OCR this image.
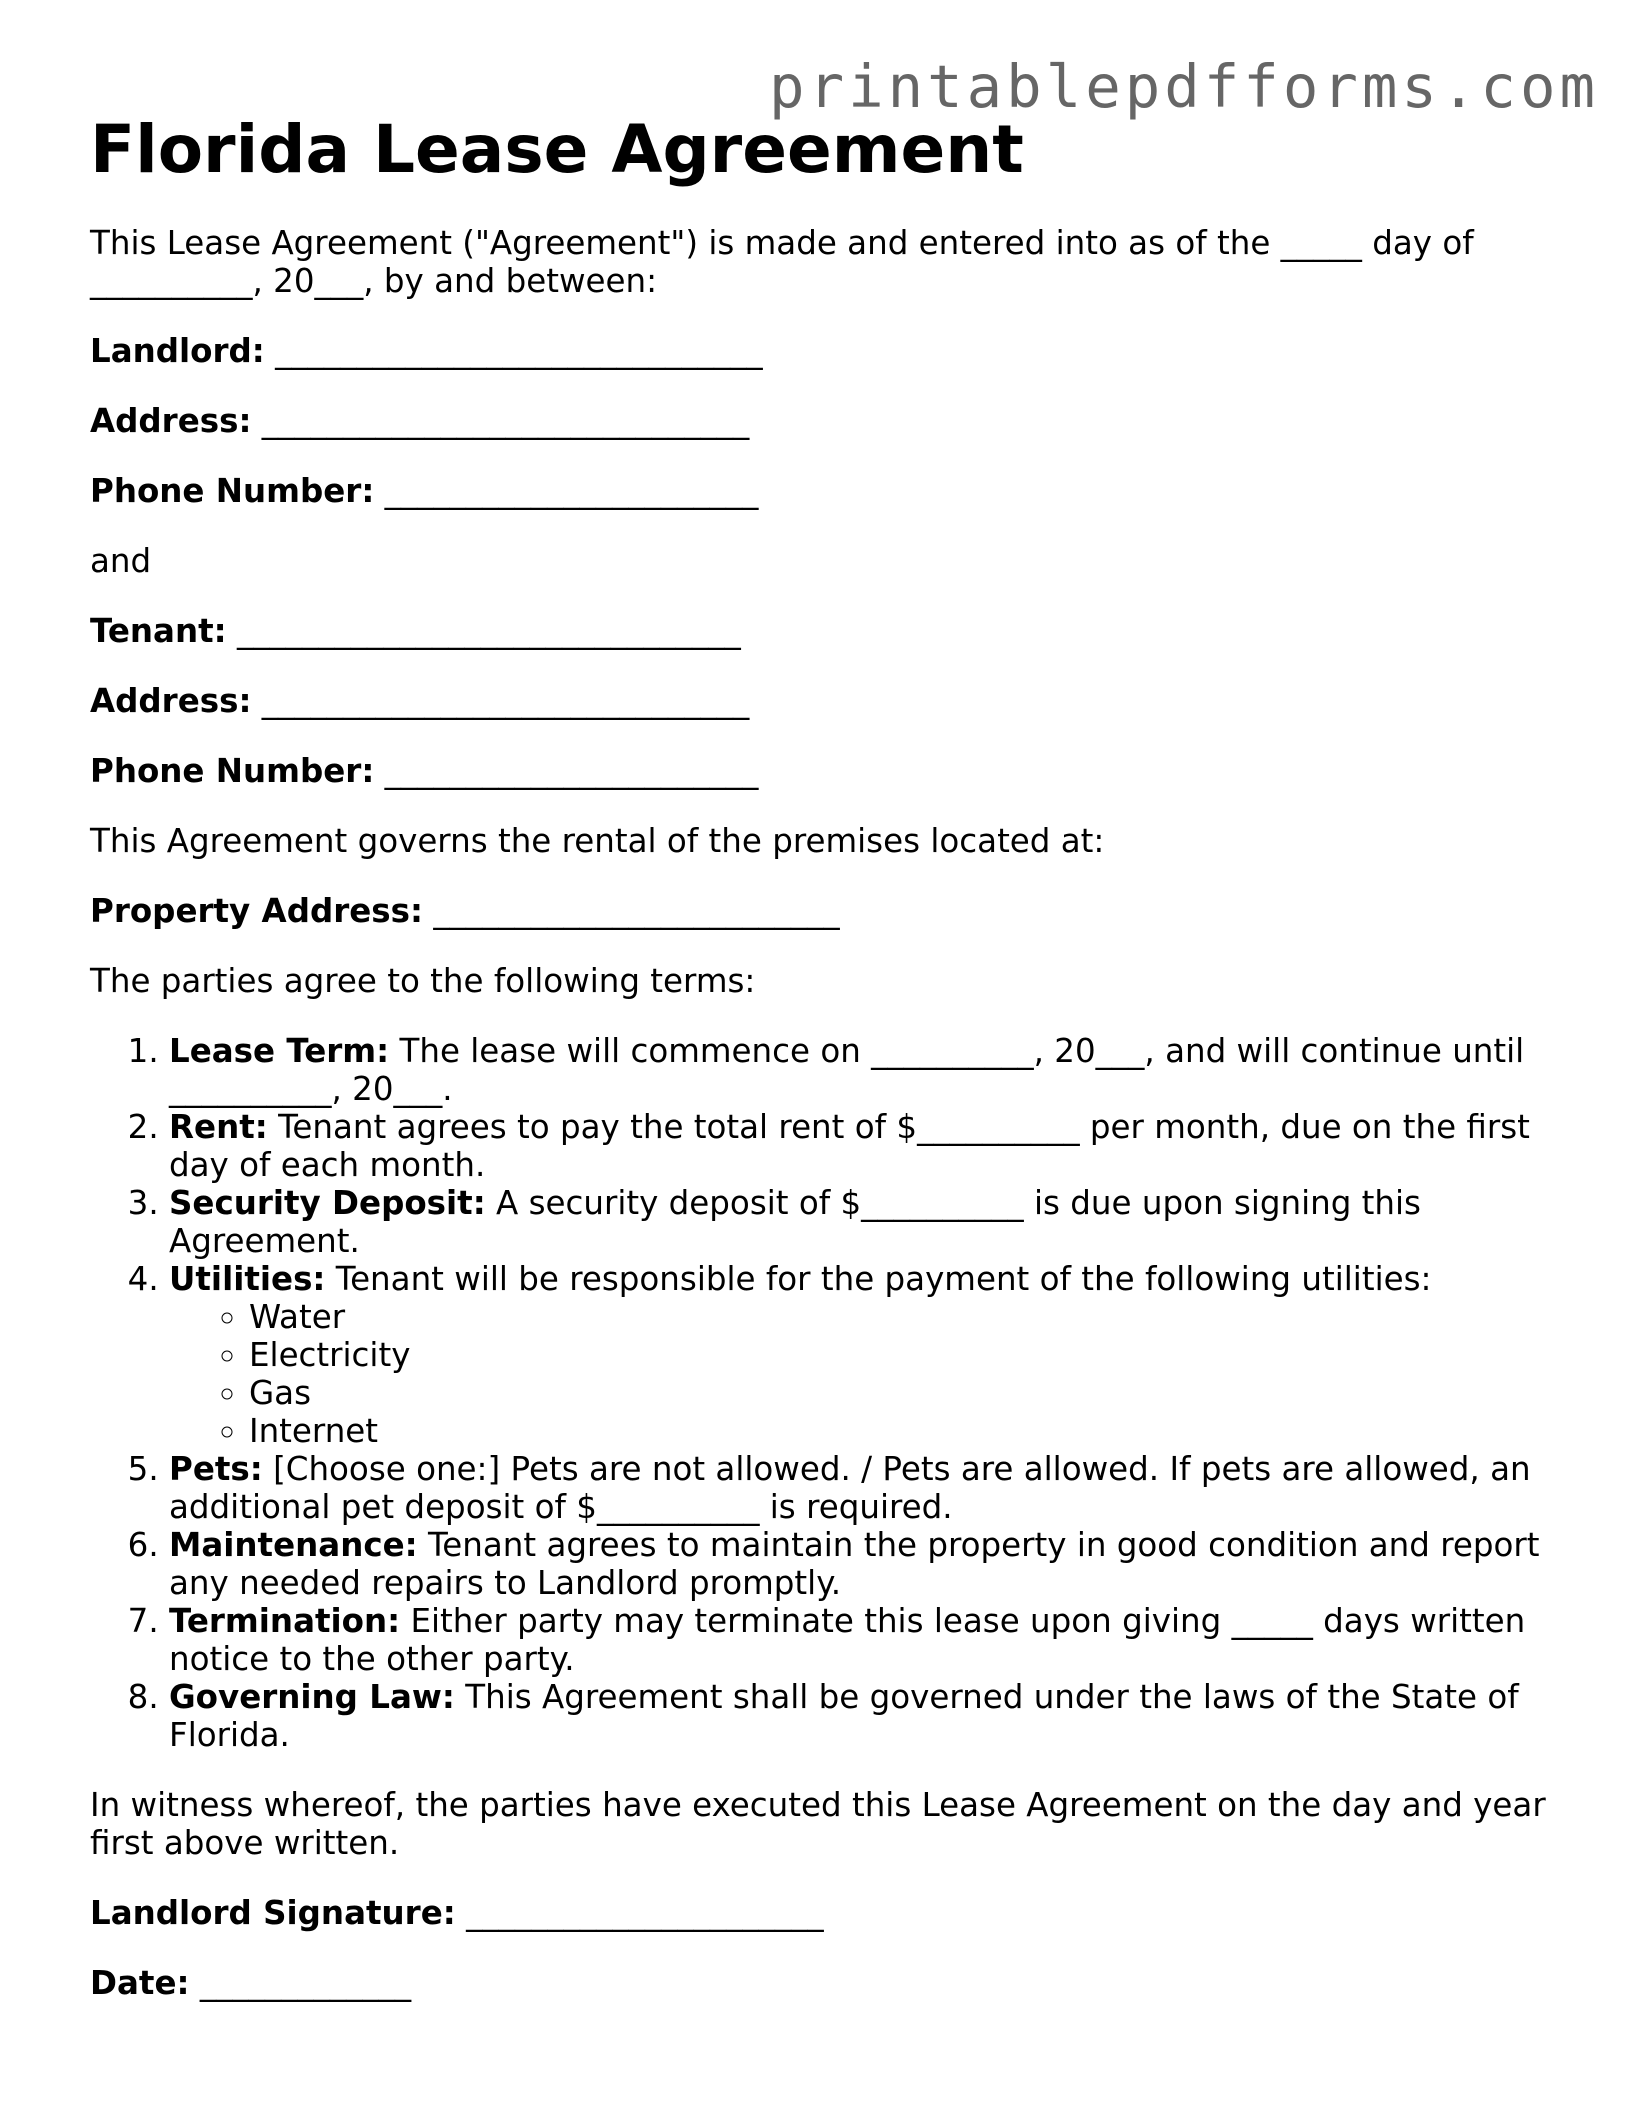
printablepdfforms.com
Florida Lease Agreement

This Lease Agreement ("Agreement") is made and entered into as of the _____ day of __________, 20___, by and between:

Landlord: ______________________________

Address: ______________________________

Phone Number: _______________________

and

Tenant: _______________________________

Address: ______________________________

Phone Number: _______________________

This Agreement governs the rental of the premises located at:

Property Address: _________________________

The parties agree to the following terms:

1. Lease Term: The lease will commence on __________, 20___, and will continue until __________, 20___.
2. Rent: Tenant agrees to pay the total rent of $__________ per month, due on the first day of each month.
3. Security Deposit: A security deposit of $__________ is due upon signing this Agreement.
4. Utilities: Tenant will be responsible for the payment of the following utilities:
◦ Water
◦ Electricity
◦ Gas
◦ Internet
5. Pets: [Choose one:] Pets are not allowed. / Pets are allowed. If pets are allowed, an additional pet deposit of $__________ is required.
6. Maintenance: Tenant agrees to maintain the property in good condition and report any needed repairs to Landlord promptly.
7. Termination: Either party may terminate this lease upon giving _____ days written notice to the other party.
8. Governing Law: This Agreement shall be governed under the laws of the State of Florida.

In witness whereof, the parties have executed this Lease Agreement on the day and year first above written.

Landlord Signature: ______________________

Date: _____________
